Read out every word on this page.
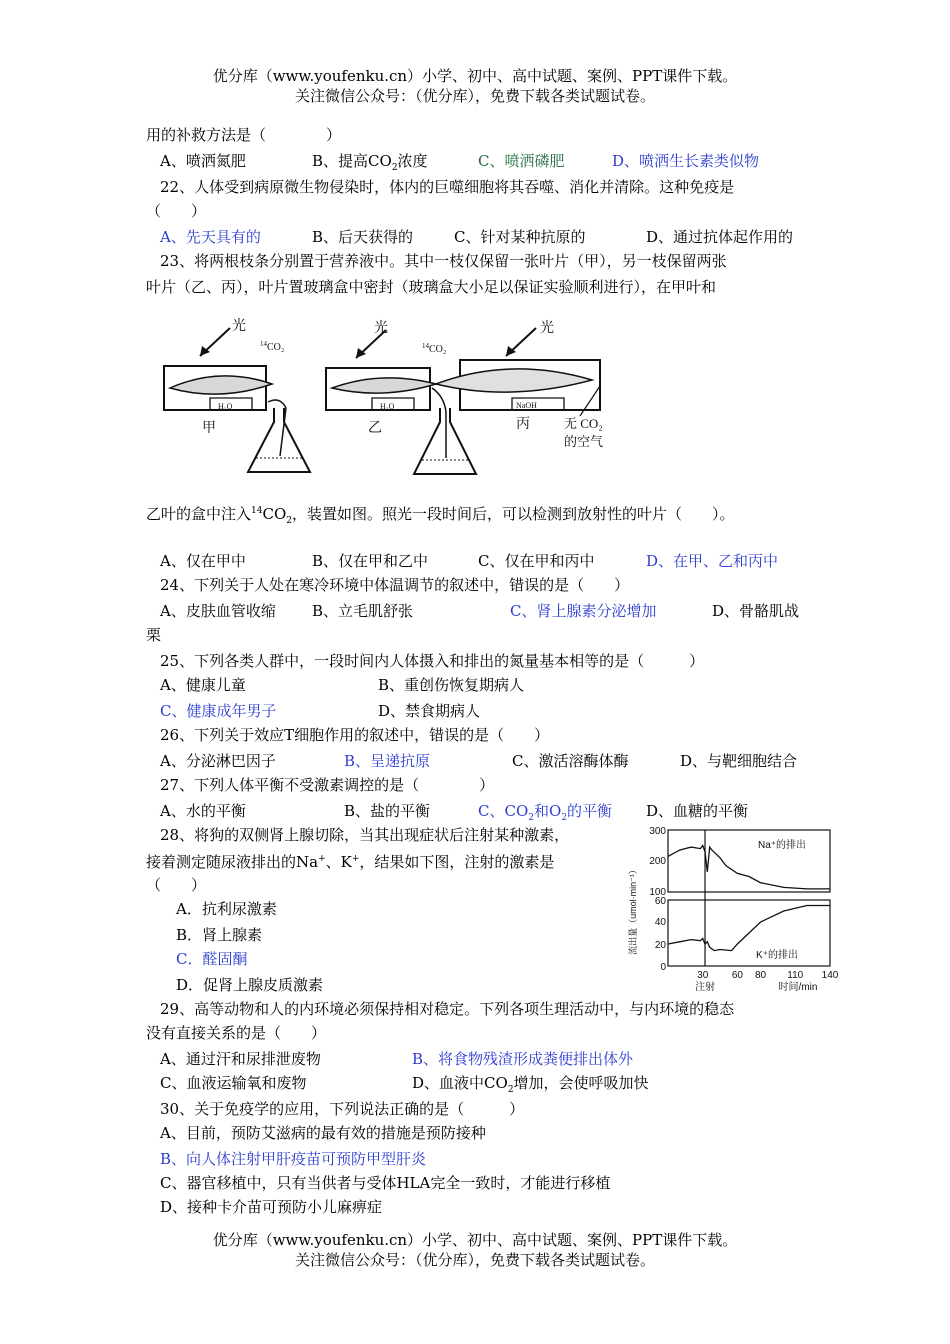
优分库（www.youfenku.cn）小学、初中、高中试题、案例、PPT课件下载。
关注微信公众号：（优分库），免费下载各类试题试卷。
用的补救方法是（　　　　）
A、喷洒氮肥	B、提高$CO_2$浓度	C、喷洒磷肥	D、喷洒生长素类似物
22、人体受到病原微生物侵染时，体内的巨噬细胞将其吞噬、消化并清除。这种免疫是
（　　）
A、先天具有的	B、后天获得的	C、针对某种抗原的	D、通过抗体起作用的
23、将两根枝条分别置于营养液中。其中一枝仅保留一张叶片（甲），另一枝保留两张
叶片（乙、丙），叶片置玻璃盒中密封（玻璃盒大小足以保证实验顺利进行），在甲叶和
H₂O
甲
光
$^{14}$CO₂
H₂O
乙
光
$^{14}$CO₂
NaOH
丙
光
无 CO₂
的空气
乙叶的盒中注入$^{14}CO_2$，装置如图。照光一段时间后，可以检测到放射性的叶片（　　）。
A、仅在甲中	B、仅在甲和乙中	C、仅在甲和丙中	D、在甲、乙和丙中
24、下列关于人处在寒冷环境中体温调节的叙述中，错误的是（　　）
A、皮肤血管收缩 B、立毛肌舒张	C、肾上腺素分泌增加	D、骨骼肌战
栗
25、下列各类人群中，一段时间内人体摄入和排出的氮量基本相等的是（　　　）
A、健康儿童	B、重创伤恢复期病人
C、健康成年男子	D、禁食期病人
26、下列关于效应T细胞作用的叙述中，错误的是（　　）
A、分泌淋巴因子	B、呈递抗原	C、激活溶酶体酶	D、与靶细胞结合
27、下列人体平衡不受激素调控的是（　　　　）
A、水的平衡	B、盐的平衡	C、$CO_2$和$O_2$的平衡 D、血糖的平衡
28、将狗的双侧肾上腺切除，当其出现症状后注射某种激素，
接着测定随尿液排出的Na+、K+，结果如下图，注射的激素是
（　　）
A．抗利尿激素
B．肾上腺素
C．醛固酮
D．促肾上腺皮质激素
流出量（umol·min⁻¹）
300
200
100
Na⁺的排出
60
40
20
0
K⁺的排出
30 60 80 110 140
注射	时间/min
29、高等动物和人的内环境必须保持相对稳定。下列各项生理活动中，与内环境的稳态
没有直接关系的是（　　）
A、通过汗和尿排泄废物	B、将食物残渣形成粪便排出体外
C、血液运输氧和废物	D、血液中$CO_2$增加，会使呼吸加快
30、关于免疫学的应用，下列说法正确的是（　　　）
A、目前，预防艾滋病的最有效的措施是预防接种
B、向人体注射甲肝疫苗可预防甲型肝炎
C、器官移植中，只有当供者与受体HLA完全一致时，才能进行移植
D、接种卡介苗可预防小儿麻痹症
优分库（www.youfenku.cn）小学、初中、高中试题、案例、PPT课件下载。
关注微信公众号：（优分库），免费下载各类试题试卷。
